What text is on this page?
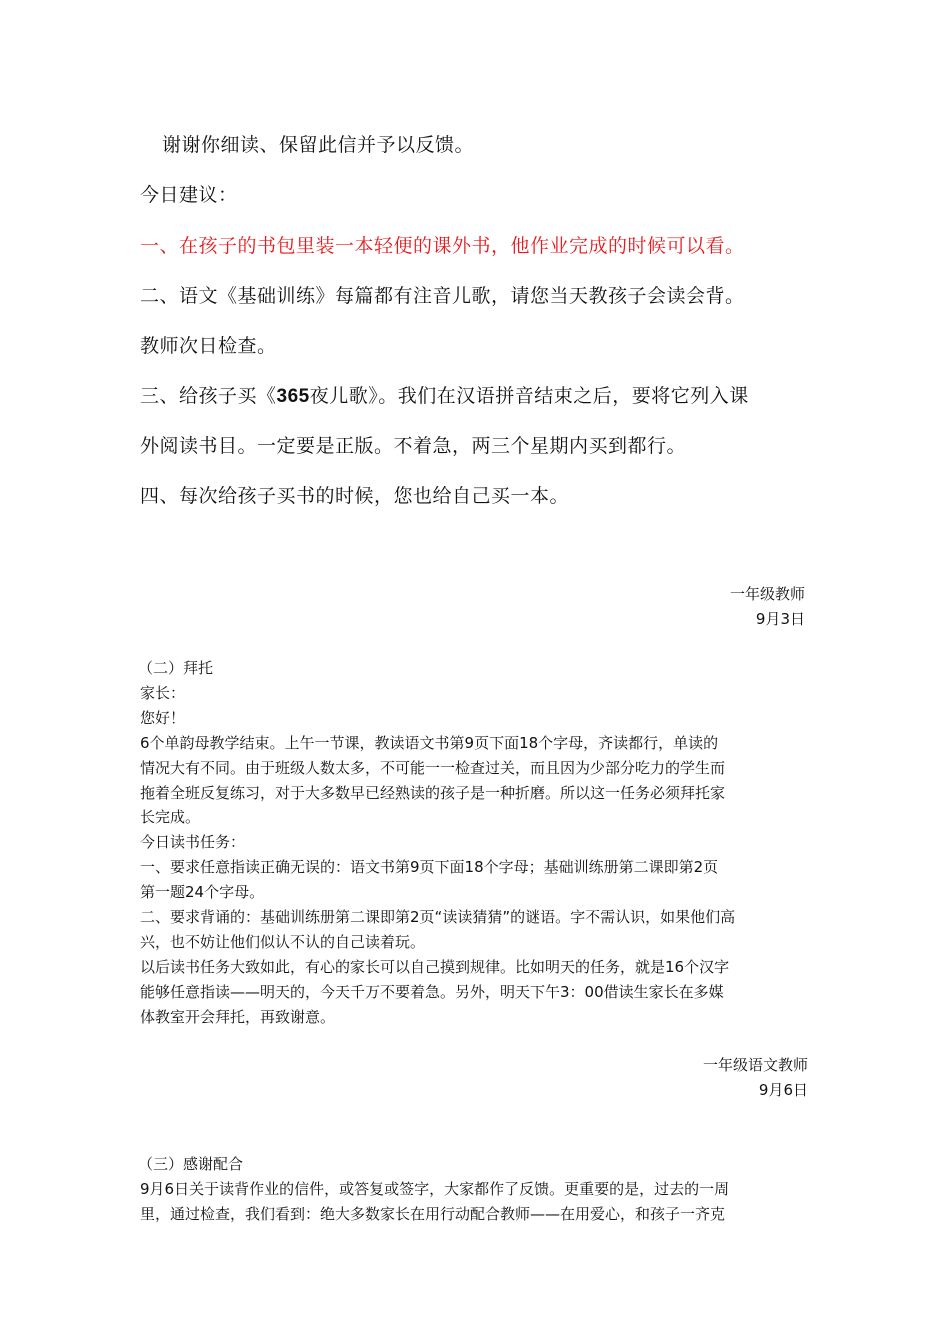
谢谢你细读、保留此信并予以反馈。
今日建议：
一、在孩子的书包里装一本轻便的课外书，他作业完成的时候可以看。
二、语文《基础训练》每篇都有注音儿歌，请您当天教孩子会读会背。
教师次日检查。
三、给孩子买《365夜儿歌》。我们在汉语拼音结束之后，要将它列入课
外阅读书目。一定要是正版。不着急，两三个星期内买到都行。
四、每次给孩子买书的时候，您也给自己买一本。
一年级教师
9月3日
（二）拜托
家长：
您好！
6个单韵母教学结束。上午一节课，教读语文书第9页下面18个字母，齐读都行，单读的
情况大有不同。由于班级人数太多，不可能一一检查过关，而且因为少部分吃力的学生而
拖着全班反复练习，对于大多数早已经熟读的孩子是一种折磨。所以这一任务必须拜托家
长完成。
今日读书任务：
一、要求任意指读正确无误的：语文书第9页下面18个字母；基础训练册第二课即第2页
第一题24个字母。
二、要求背诵的：基础训练册第二课即第2页“读读猜猜”的谜语。字不需认识，如果他们高
兴，也不妨让他们似认不认的自己读着玩。
以后读书任务大致如此，有心的家长可以自己摸到规律。比如明天的任务，就是16个汉字
能够任意指读——明天的，今天千万不要着急。另外，明天下午3：00借读生家长在多媒
体教室开会拜托，再致谢意。
一年级语文教师
9月6日
（三）感谢配合
9月6日关于读背作业的信件，或答复或签字，大家都作了反馈。更重要的是，过去的一周
里，通过检查，我们看到：绝大多数家长在用行动配合教师——在用爱心，和孩子一齐克
